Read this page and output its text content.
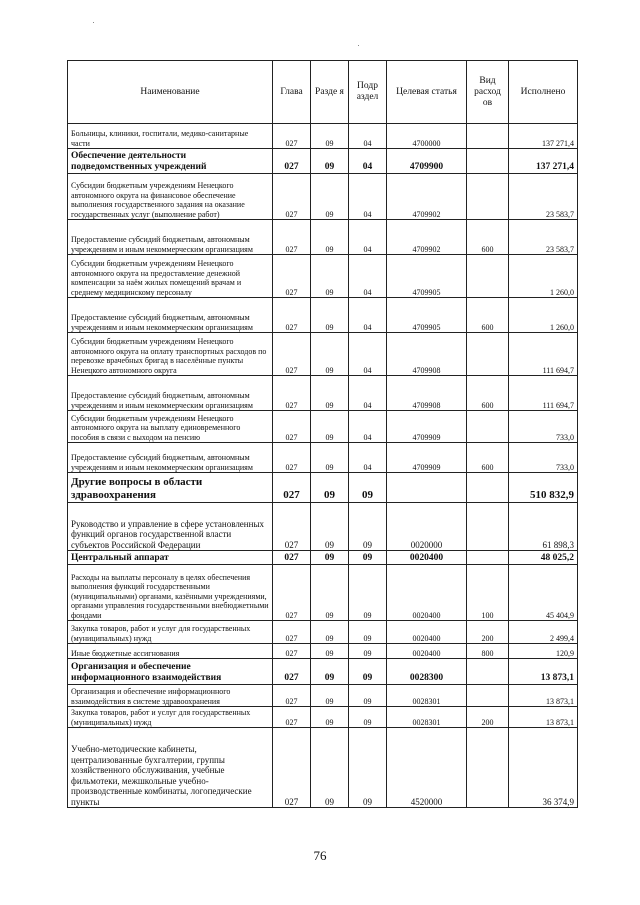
Наименование	Глава	Разде я	Подр аздел	Целевая статья	Вид расход ов	Исполнено
Больницы, клиники, госпитали, медико-санитарные части	027	09	04	4700000		137 271,4
Обеспечение деятельности подведомственных учреждений	027	09	04	4709900		137 271,4
Субсидии бюджетным учреждениям Ненецкого автономного округа на финансовое обеспечение выполнения государственного задания на оказание государственных услуг (выполнение работ)	027	09	04	4709902		23 583,7
Предоставление субсидий бюджетным, автономным учреждениям и иным некоммерческим организациям	027	09	04	4709902	600	23 583,7
Субсидии бюджетным учреждениям Ненецкого автономного округа на предоставление денежной компенсации за наём жилых помещений врачам и среднему медицинскому персоналу	027	09	04	4709905		1 260,0
Предоставление субсидий бюджетным, автономным учреждениям и иным некоммерческим организациям	027	09	04	4709905	600	1 260,0
Субсидии бюджетным учреждениям Ненецкого автономного округа на оплату транспортных расходов по перевозке врачебных бригад в населённые пункты Ненецкого автономного округа	027	09	04	4709908		111 694,7
Предоставление субсидий бюджетным, автономным учреждениям и иным некоммерческим организациям	027	09	04	4709908	600	111 694,7
Субсидии бюджетным учреждениям Ненецкого автономного округа на выплату единовременного пособия в связи с выходом на пенсию	027	09	04	4709909		733,0
Предоставление субсидий бюджетным, автономным учреждениям и иным некоммерческим организациям	027	09	04	4709909	600	733,0
Другие вопросы в области здравоохранения	027	09	09			510 832,9
Руководство и управление в сфере установленных функций органов государственной власти субъектов Российской Федерации	027	09	09	0020000		61 898,3
Центральный аппарат	027	09	09	0020400		48 025,2
Расходы на выплаты персоналу в целях обеспечения выполнения функций государственными (муниципальными) органами, казёнными учреждениями, органами управления государственными внебюджетными фондами	027	09	09	0020400	100	45 404,9
Закупка товаров, работ и услуг для государственных (муниципальных) нужд	027	09	09	0020400	200	2 499,4
Иные бюджетные ассигнования	027	09	09	0020400	800	120,9
Организация и обеспечение информационного взаимодействия	027	09	09	0028300		13 873,1
Организация и обеспечение информационного взаимодействия в системе здравоохранения	027	09	09	0028301		13 873,1
Закупка товаров, работ и услуг для государственных (муниципальных) нужд	027	09	09	0028301	200	13 873,1
Учебно-методические кабинеты, централизованные бухгалтерии, группы хозяйственного обслуживания, учебные фильмотеки, межшкольные учебно-производственные комбинаты, логопедические пункты	027	09	09	4520000		36 374,9
76
